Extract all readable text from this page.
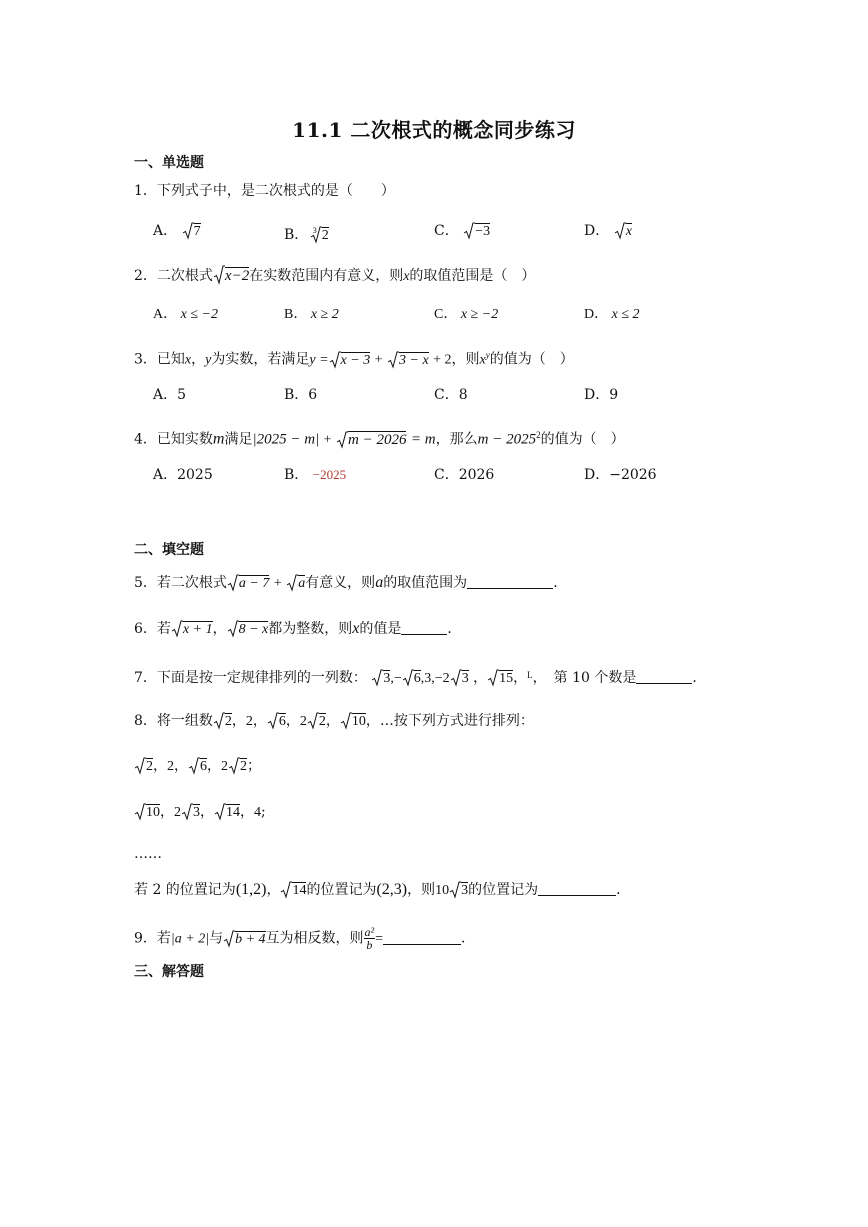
11.1 二次根式的概念同步练习
一、单选题
1．下列式子中，是二次根式的是（　　）
A． 7	B． $^3$ 2	C． −3	D． x
2．二次根式 x−2在实数范围内有意义，则x的取值范围是（　）
A． x ≤ −2	B． x ≥ 2	C． x ≥ −2	D． x ≤ 2
3．已知x，y为实数，若满足y = x − 3 + 3 − x + 2，则$x^y$的值为（　）
A．5	B．6	C．8	D．9
4．已知实数m满足|2025 − m| + m − 2026 = m，那么$m - 2025^2$的值为（　）
A．2025	B． −2025	C．2026	D．−2026
二、填空题
5．若二次根式 a − 7 + a有意义，则a的取值范围为	．
6．若 x + 1， 8 − x都为整数，则x的值是	．
7．下面是按一定规律排列的一列数： 3,− 6,3,−2 3 ， 15，$^L$，　第 10 个数是	．
8．将一组数 2，2， 6，2 2， 10，…按下列方式进行排列：
2，2， 6，2 2；
10，2 3， 14，4;
……
若 2 的位置记为(1,2)， 14的位置记为(2,3)，则10 3的位置记为	．
9．若|a + 2|与 b + 4互为相反数，则 $\frac{\text{a²}}{b}$ =	．
三、解答题
